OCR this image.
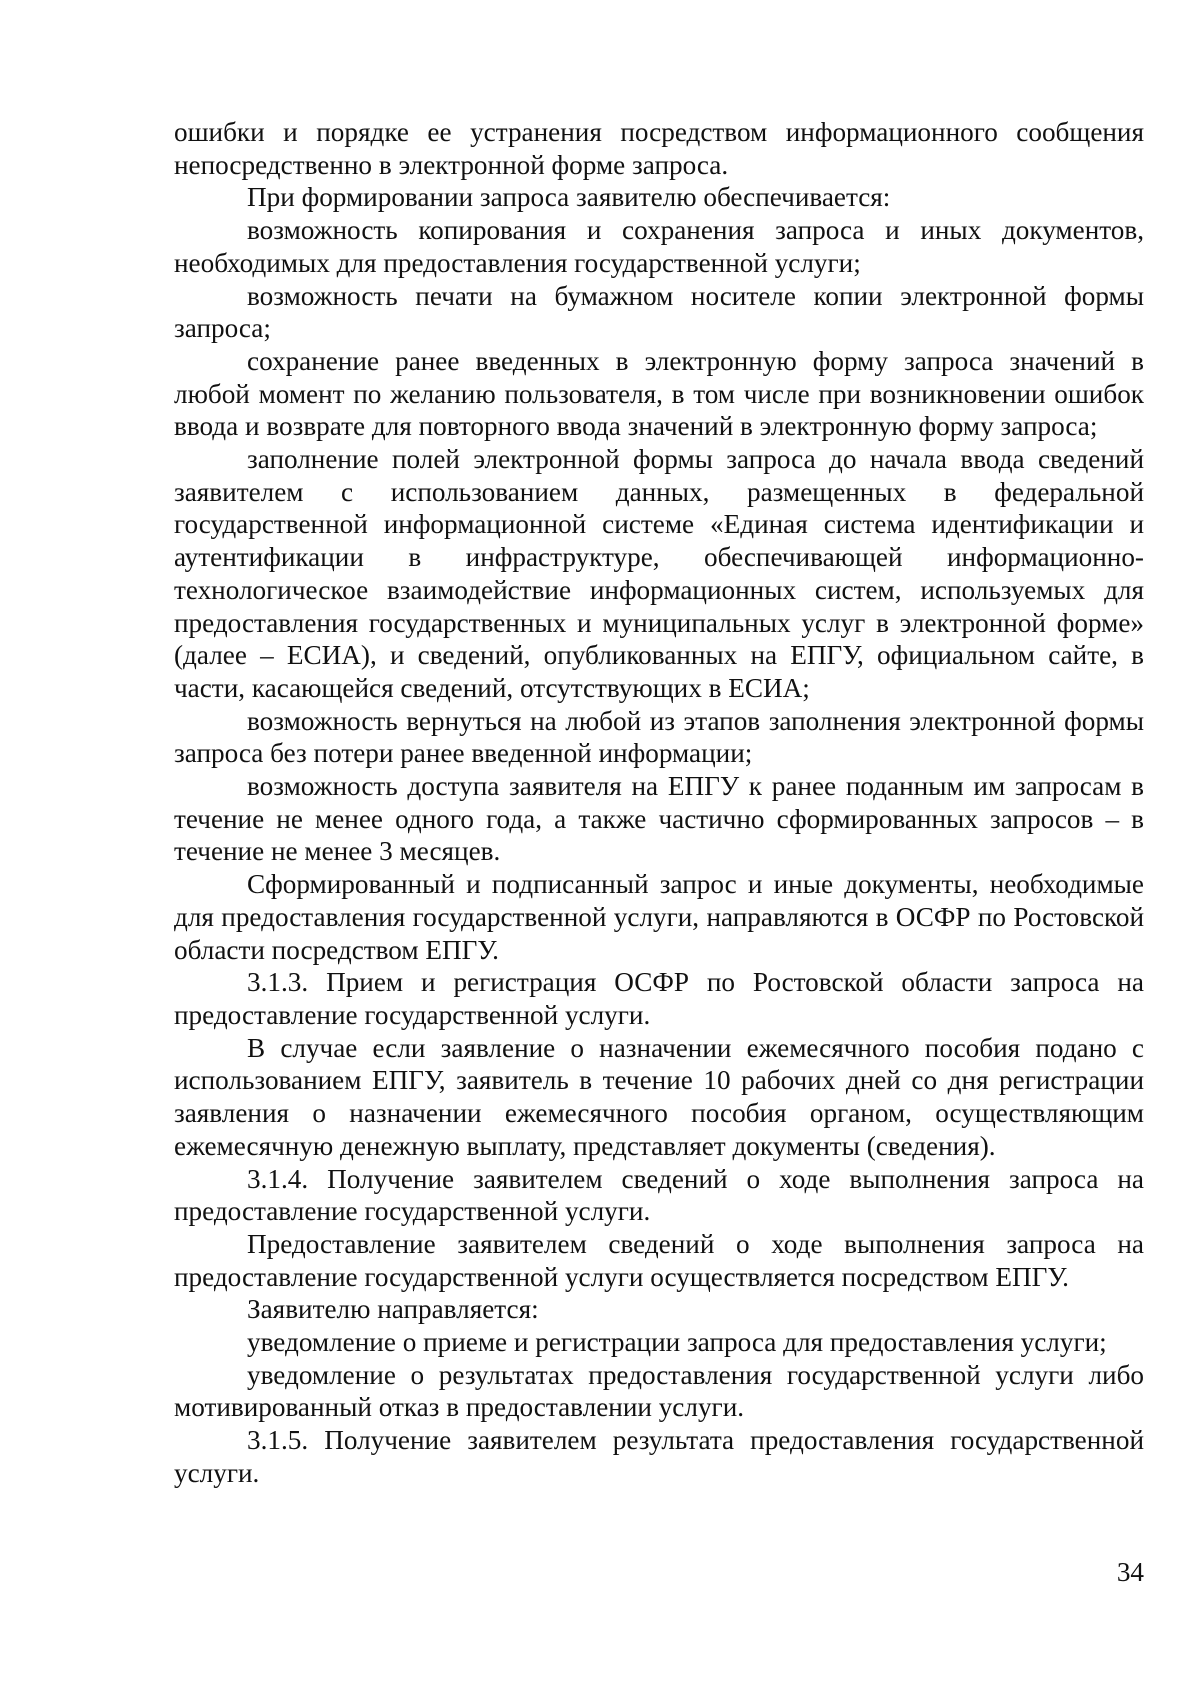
ошибки и порядке ее устранения посредством информационного сообщения непосредственно в электронной форме запроса.

При формировании запроса заявителю обеспечивается:

возможность копирования и сохранения запроса и иных документов, необходимых для предоставления государственной услуги;

возможность печати на бумажном носителе копии электронной формы запроса;

сохранение ранее введенных в электронную форму запроса значений в любой момент по желанию пользователя, в том числе при возникновении ошибок ввода и возврате для повторного ввода значений в электронную форму запроса;

заполнение полей электронной формы запроса до начала ввода сведений заявителем с использованием данных, размещенных в федеральной государственной информационной системе «Единая система идентификации и аутентификации в инфраструктуре, обеспечивающей информационно-технологическое взаимодействие информационных систем, используемых для предоставления государственных и муниципальных услуг в электронной форме» (далее – ЕСИА), и сведений, опубликованных на ЕПГУ, официальном сайте, в части, касающейся сведений, отсутствующих в ЕСИА;

возможность вернуться на любой из этапов заполнения электронной формы запроса без потери ранее введенной информации;

возможность доступа заявителя на ЕПГУ к ранее поданным им запросам в течение не менее одного года, а также частично сформированных запросов – в течение не менее 3 месяцев.

Сформированный и подписанный запрос и иные документы, необходимые для предоставления государственной услуги, направляются в ОСФР по Ростовской области посредством ЕПГУ.

3.1.3. Прием и регистрация ОСФР по Ростовской области запроса на предоставление государственной услуги.

В случае если заявление о назначении ежемесячного пособия подано с использованием ЕПГУ, заявитель в течение 10 рабочих дней со дня регистрации заявления о назначении ежемесячного пособия органом, осуществляющим ежемесячную денежную выплату, представляет документы (сведения).

3.1.4. Получение заявителем сведений о ходе выполнения запроса на предоставление государственной услуги.

Предоставление заявителем сведений о ходе выполнения запроса на предоставление государственной услуги осуществляется посредством ЕПГУ.

Заявителю направляется:

уведомление о приеме и регистрации запроса для предоставления услуги;

уведомление о результатах предоставления государственной услуги либо мотивированный отказ в предоставлении услуги.

3.1.5. Получение заявителем результата предоставления государственной услуги.

34
